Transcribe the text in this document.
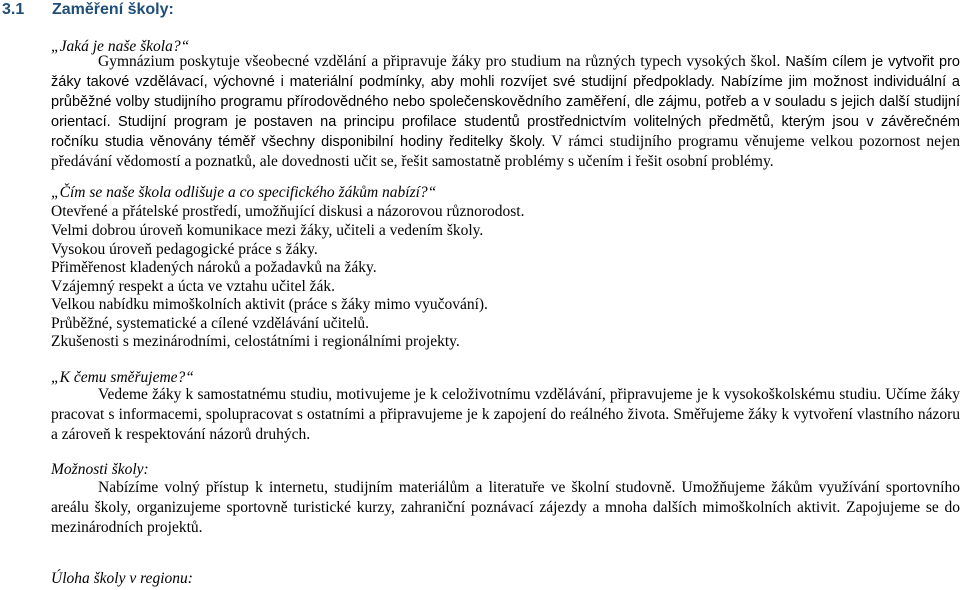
3.1 Zaměření školy:
„Jaká je naše škola?“
Gymnázium poskytuje všeobecné vzdělání a připravuje žáky pro studium na různých typech vysokých škol. Naším cílem je vytvořit pro žáky takové vzdělávací, výchovné i materiální podmínky, aby mohli rozvíjet své studijní předpoklady. Nabízíme jim možnost individuální a průběžné volby studijního programu přírodovědného nebo společenskovědního zaměření, dle zájmu, potřeb a v souladu s jejich další studijní orientací. Studijní program je postaven na principu profilace studentů prostřednictvím volitelných předmětů, kterým jsou v závěrečném ročníku studia věnovány téměř všechny disponibilní hodiny ředitelky školy. V rámci studijního programu věnujeme velkou pozornost nejen předávání vědomostí a poznatků, ale dovednosti učit se, řešit samostatně problémy s učením i řešit osobní problémy.
„Čím se naše škola odlišuje a co specifického žákům nabízí?“
Otevřené a přátelské prostředí, umožňující diskusi a názorovou různorodost.
Velmi dobrou úroveň komunikace mezi žáky, učiteli a vedením školy.
Vysokou úroveň pedagogické práce s žáky.
Přiměřenost kladených nároků a požadavků na žáky.
Vzájemný respekt a úcta ve vztahu učitel žák.
Velkou nabídku mimoškolních aktivit (práce s žáky mimo vyučování).
Průběžné, systematické a cílené vzdělávání učitelů.
Zkušenosti s mezinárodními, celostátními i regionálními projekty.
„K čemu směřujeme?“
Vedeme žáky k samostatnému studiu, motivujeme je k celoživotnímu vzdělávání, připravujeme je k vysokoškolskému studiu. Učíme žáky pracovat s informacemi, spolupracovat s ostatními a připravujeme je k zapojení do reálného života. Směřujeme žáky k vytvoření vlastního názoru a zároveň k respektování názorů druhých.
Možnosti školy:
Nabízíme volný přístup k internetu, studijním materiálům a literatuře ve školní studovně. Umožňujeme žákům využívání sportovního areálu školy, organizujeme sportovně turistické kurzy, zahraniční poznávací zájezdy a mnoha dalších mimoškolních aktivit. Zapojujeme se do mezinárodních projektů.
Úloha školy v regionu:
